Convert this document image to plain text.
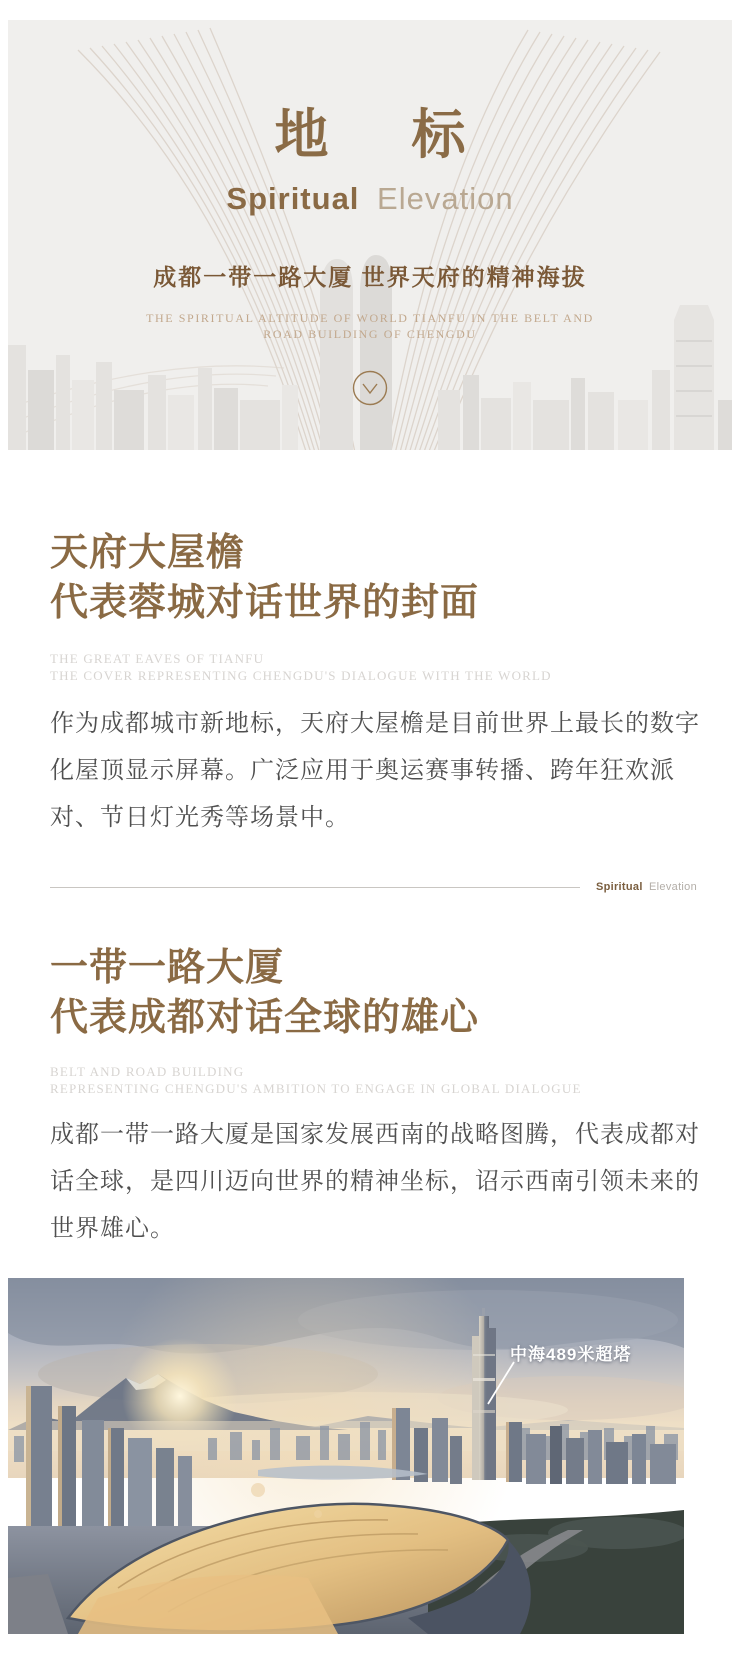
地 标
Spiritual Elevation
成都一带一路大厦 世界天府的精神海拔
THE SPIRITUAL ALTITUDE OF WORLD TIANFU IN THE BELT AND
ROAD BUILDING OF CHENGDU
天府大屋檐
代表蓉城对话世界的封面
THE GREAT EAVES OF TIANFU
THE COVER REPRESENTING CHENGDU'S DIALOGUE WITH THE WORLD

作为成都城市新地标，天府大屋檐是目前世界上最长的数字化屋顶显示屏幕。广泛应用于奥运赛事转播、跨年狂欢派对、节日灯光秀等场景中。

Spiritual Elevation
一带一路大厦
代表成都对话全球的雄心
BELT AND ROAD BUILDING
REPRESENTING CHENGDU'S AMBITION TO ENGAGE IN GLOBAL DIALOGUE

成都一带一路大厦是国家发展西南的战略图腾，代表成都对话全球，是四川迈向世界的精神坐标，诏示西南引领未来的世界雄心。

中海489米超塔
